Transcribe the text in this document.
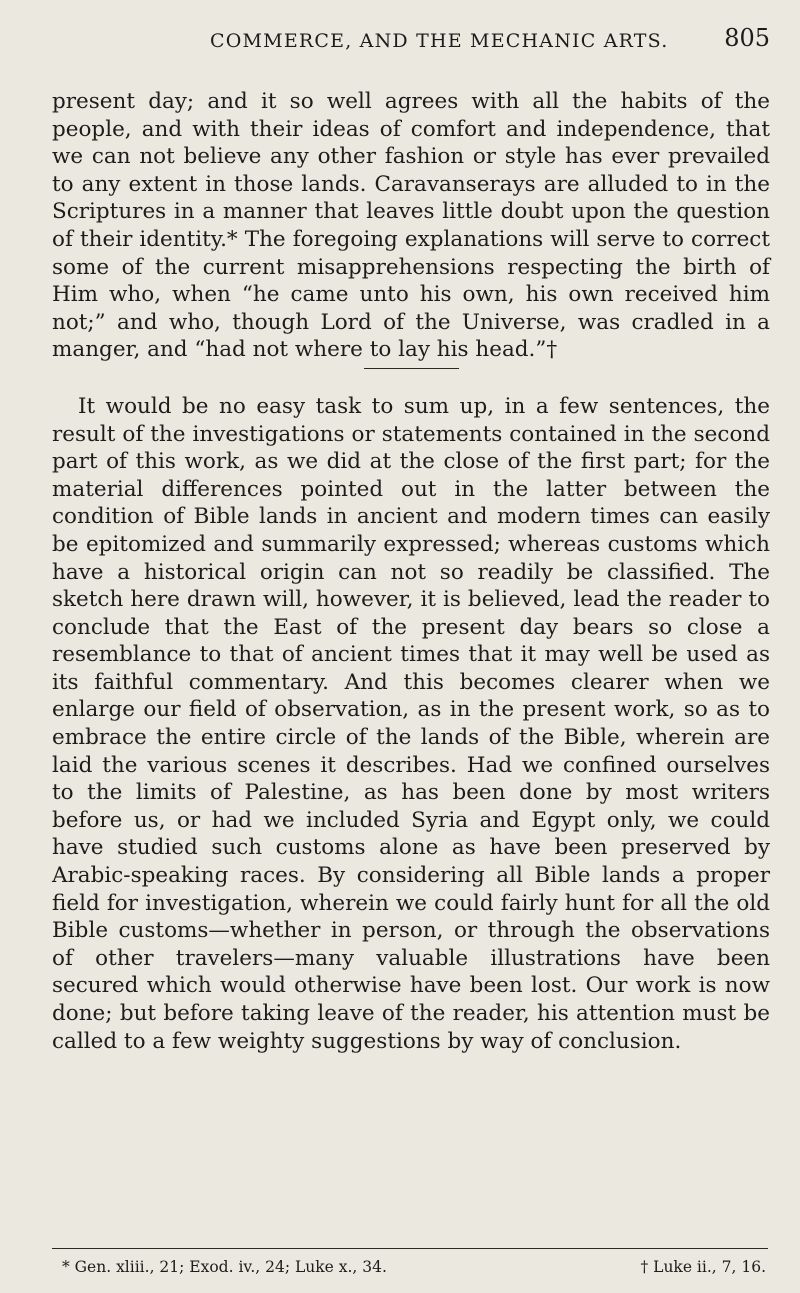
COMMERCE, AND THE MECHANIC ARTS. 805

present day; and it so well agrees with all the habits of the people, and with their ideas of comfort and independence, that we can not believe any other fashion or style has ever prevailed to any extent in those lands. Caravanserays are alluded to in the Scriptures in a manner that leaves little doubt upon the question of their identity.* The foregoing explanations will serve to correct some of the current misapprehensions respecting the birth of Him who, when “he came unto his own, his own received him not;” and who, though Lord of the Universe, was cradled in a manger, and “had not where to lay his head.”†

It would be no easy task to sum up, in a few sentences, the result of the investigations or statements contained in the second part of this work, as we did at the close of the first part; for the material differences pointed out in the latter between the condition of Bible lands in ancient and modern times can easily be epitomized and summarily expressed; whereas customs which have a historical origin can not so readily be classified. The sketch here drawn will, however, it is believed, lead the reader to conclude that the East of the present day bears so close a resemblance to that of ancient times that it may well be used as its faithful commentary. And this becomes clearer when we enlarge our field of observation, as in the present work, so as to embrace the entire circle of the lands of the Bible, wherein are laid the various scenes it describes. Had we confined ourselves to the limits of Palestine, as has been done by most writers before us, or had we included Syria and Egypt only, we could have studied such customs alone as have been preserved by Arabic-speaking races. By considering all Bible lands a proper field for investigation, wherein we could fairly hunt for all the old Bible customs—whether in person, or through the observations of other travelers—many valuable illustrations have been secured which would otherwise have been lost. Our work is now done; but before taking leave of the reader, his attention must be called to a few weighty suggestions by way of conclusion.

* Gen. xliii., 21; Exod. iv., 24; Luke x., 34.	† Luke ii., 7, 16.
